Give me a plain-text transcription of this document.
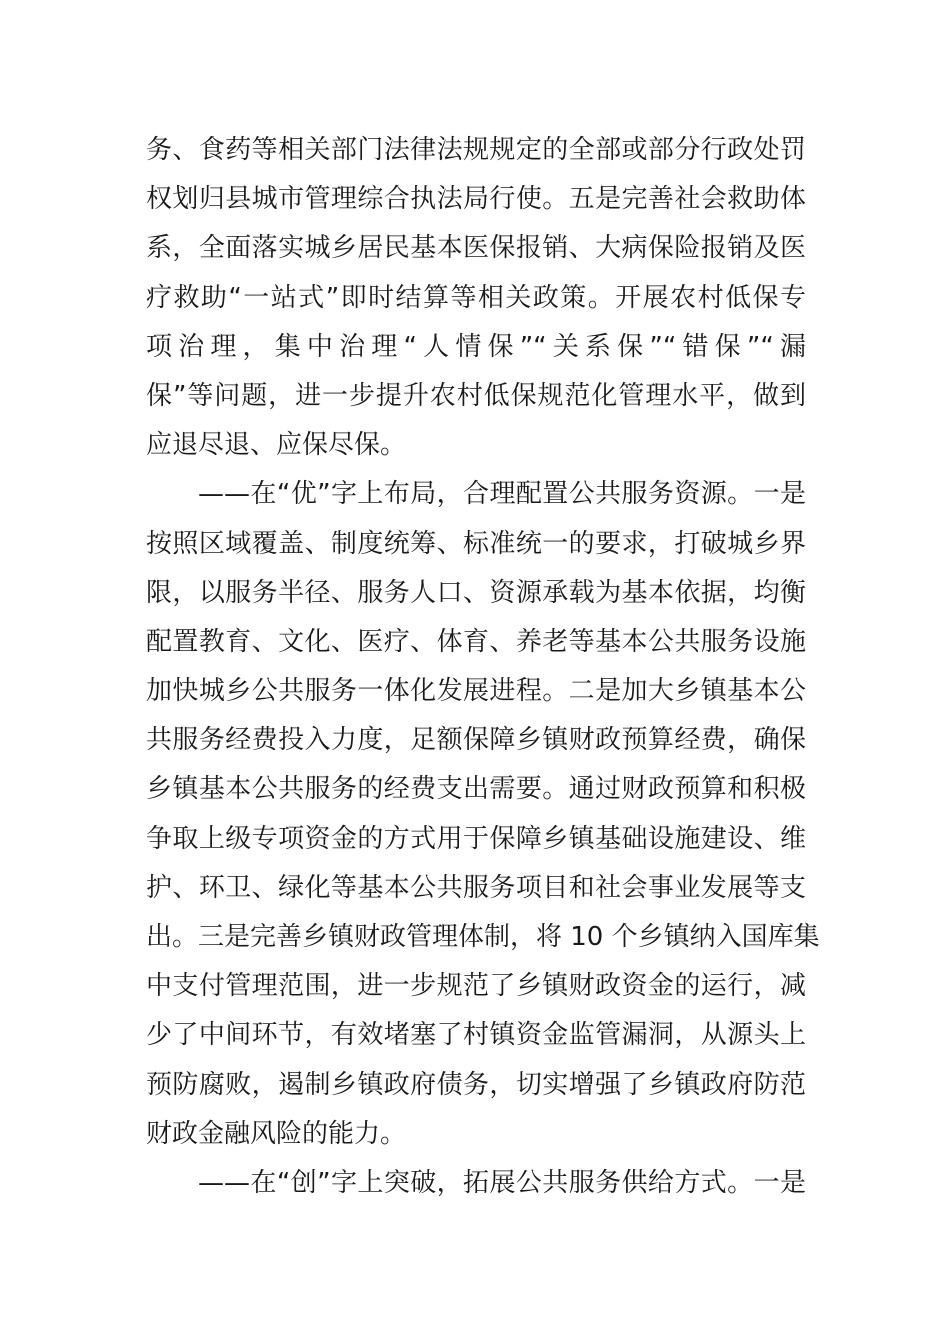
务、食药等相关部门法律法规规定的全部或部分行政处罚
权划归县城市管理综合执法局行使。五是完善社会救助体
系，全面落实城乡居民基本医保报销、大病保险报销及医
疗救助“一站式”即时结算等相关政策。开展农村低保专
项治理，集中治理“人情保”“关系保”“错保”“漏
保”等问题，进一步提升农村低保规范化管理水平，做到
应退尽退、应保尽保。
——在“优”字上布局，合理配置公共服务资源。一是
按照区域覆盖、制度统筹、标准统一的要求，打破城乡界
限，以服务半径、服务人口、资源承载为基本依据，均衡
配置教育、文化、医疗、体育、养老等基本公共服务设施
加快城乡公共服务一体化发展进程。二是加大乡镇基本公
共服务经费投入力度，足额保障乡镇财政预算经费，确保
乡镇基本公共服务的经费支出需要。通过财政预算和积极
争取上级专项资金的方式用于保障乡镇基础设施建设、维
护、环卫、绿化等基本公共服务项目和社会事业发展等支
出。三是完善乡镇财政管理体制，将 10 个乡镇纳入国库集
中支付管理范围，进一步规范了乡镇财政资金的运行，减
少了中间环节，有效堵塞了村镇资金监管漏洞，从源头上
预防腐败，遏制乡镇政府债务，切实增强了乡镇政府防范
财政金融风险的能力。
——在“创”字上突破，拓展公共服务供给方式。一是
